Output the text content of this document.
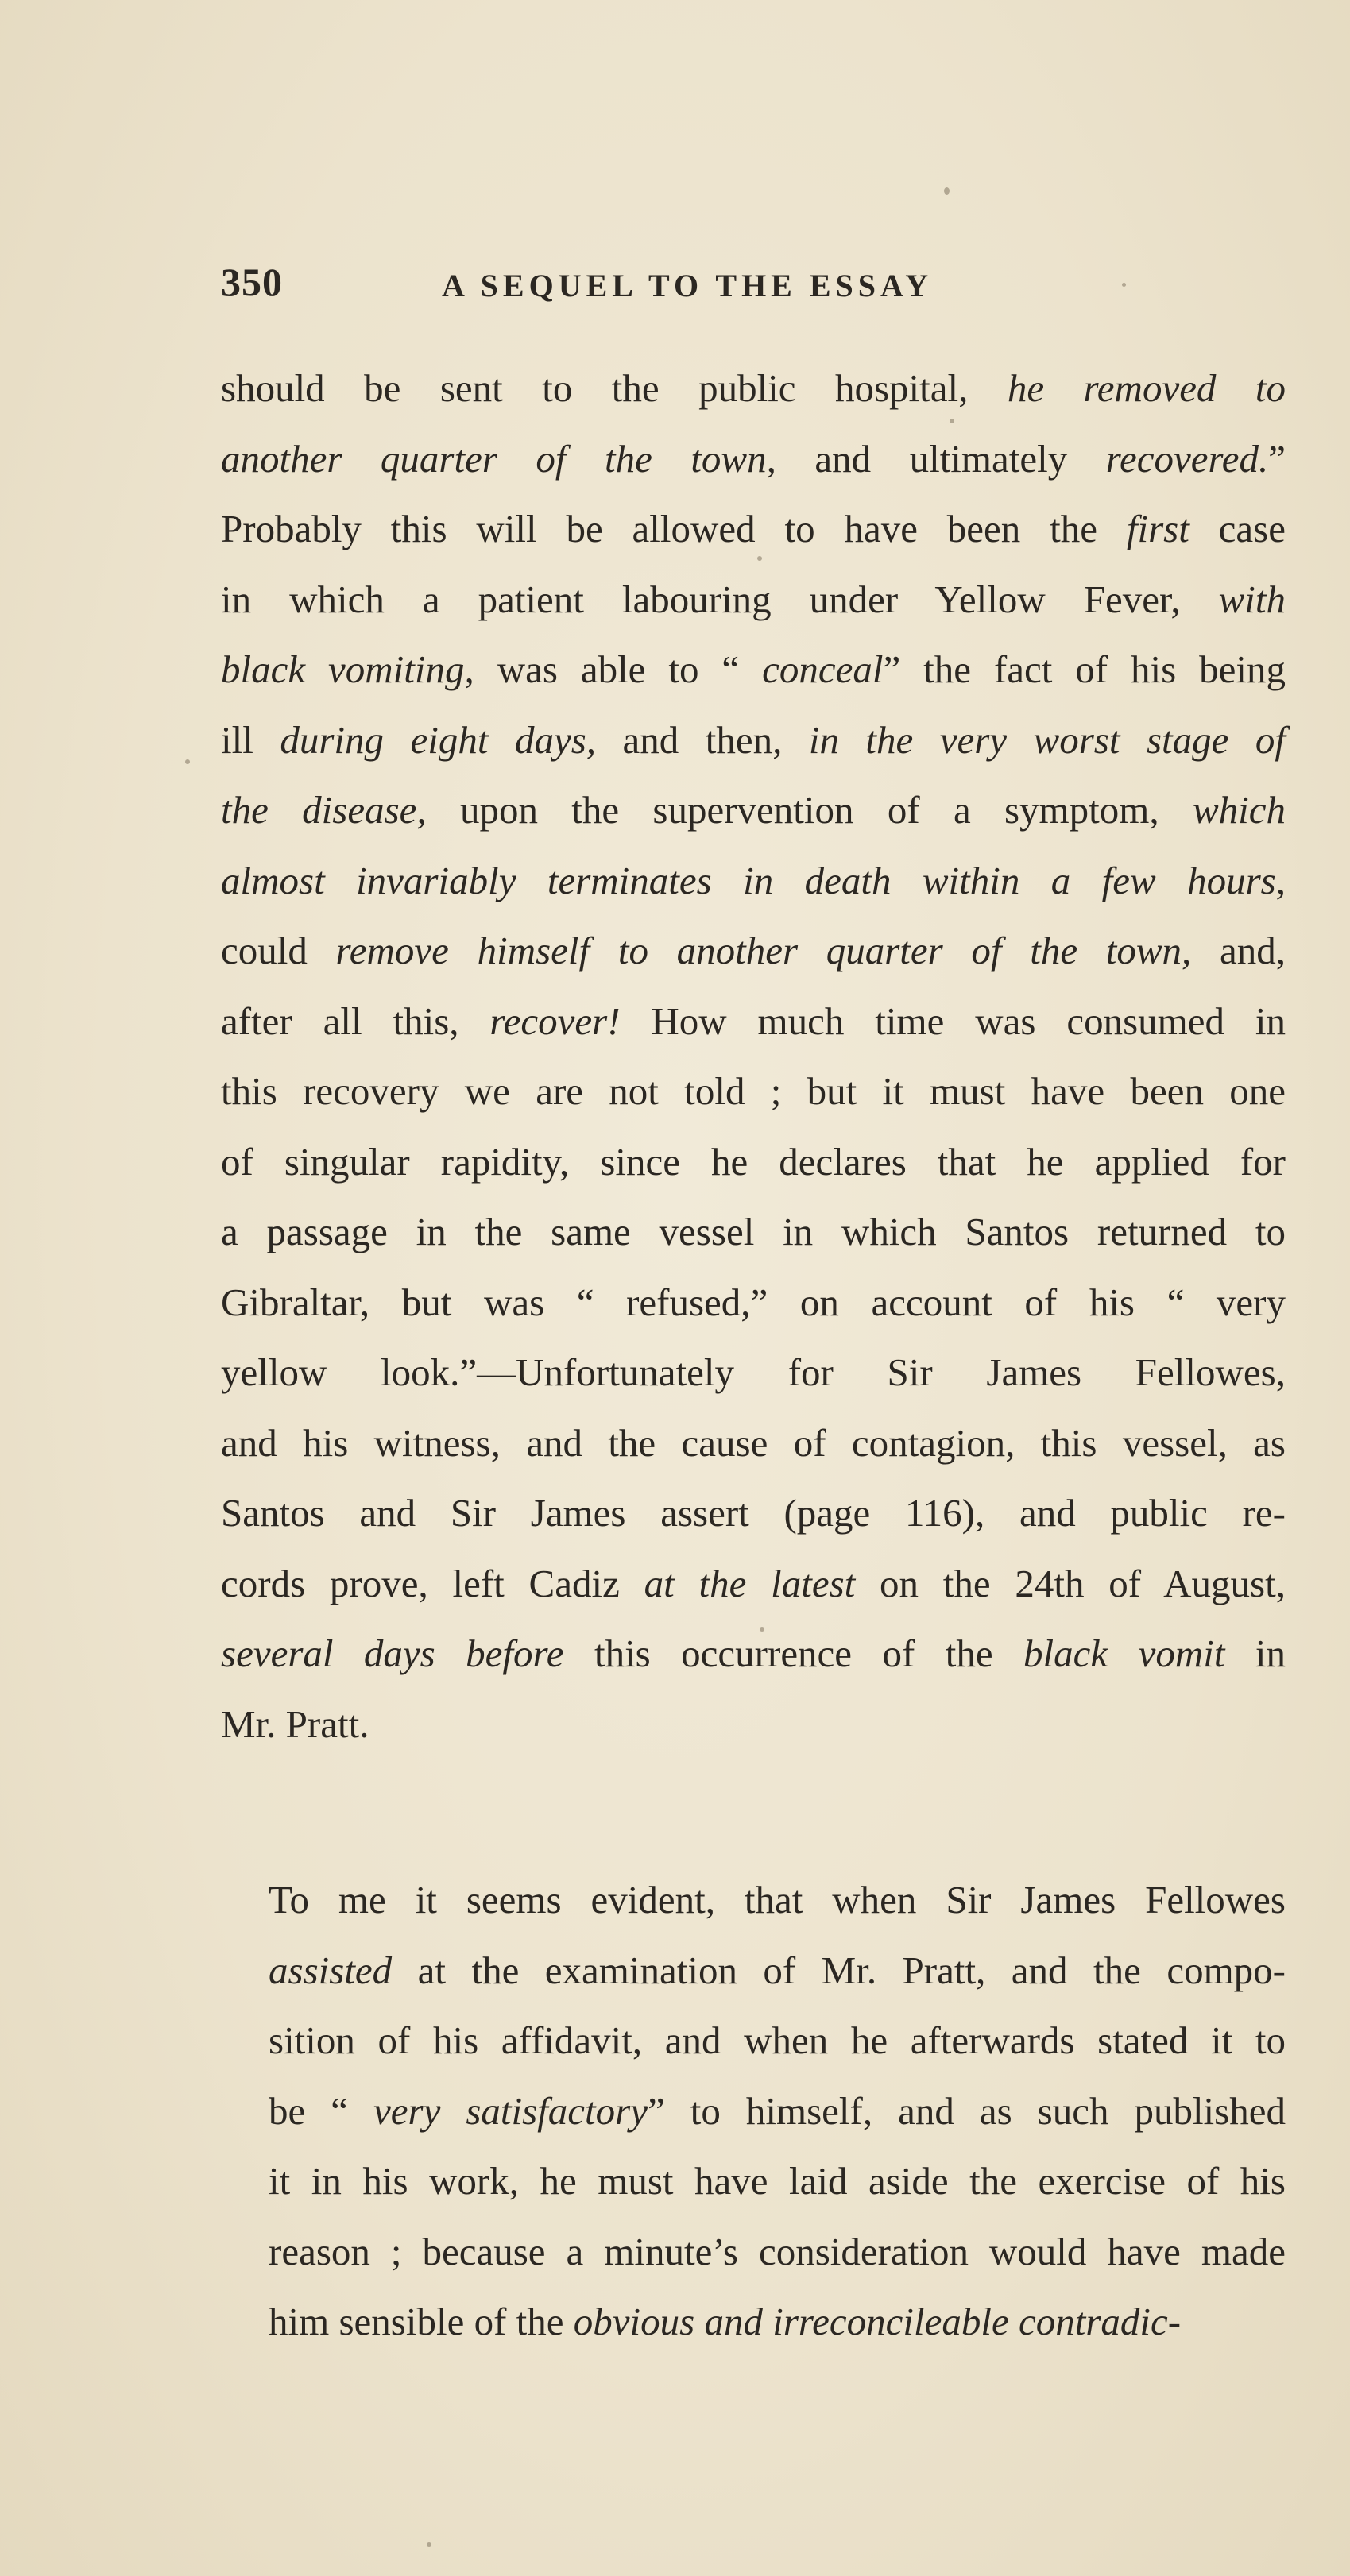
350	A SEQUEL TO THE ESSAY
should be sent to the public hospital, he removed to
another quarter of the town, and ultimately recovered.”
Probably this will be allowed to have been the first case
in which a patient labouring under Yellow Fever, with
black vomiting, was able to “ conceal” the fact of his being
ill during eight days, and then, in the very worst stage of
the disease, upon the supervention of a symptom, which
almost invariably terminates in death within a few hours,
could remove himself to another quarter of the town, and,
after all this, recover! How much time was consumed in
this recovery we are not told ; but it must have been one
of singular rapidity, since he declares that he applied for
a passage in the same vessel in which Santos returned to
Gibraltar, but was “ refused,” on account of his “ very
yellow look.”—Unfortunately for Sir James Fellowes,
and his witness, and the cause of contagion, this vessel, as
Santos and Sir James assert (page 116), and public re-
cords prove, left Cadiz at the latest on the 24th of August,
several days before this occurrence of the black vomit in
Mr. Pratt.
To me it seems evident, that when Sir James Fellowes
assisted at the examination of Mr. Pratt, and the compo-
sition of his affidavit, and when he afterwards stated it to
be “ very satisfactory” to himself, and as such published
it in his work, he must have laid aside the exercise of his
reason ; because a minute’s consideration would have made
him sensible of the obvious and irreconcileable contradic-
